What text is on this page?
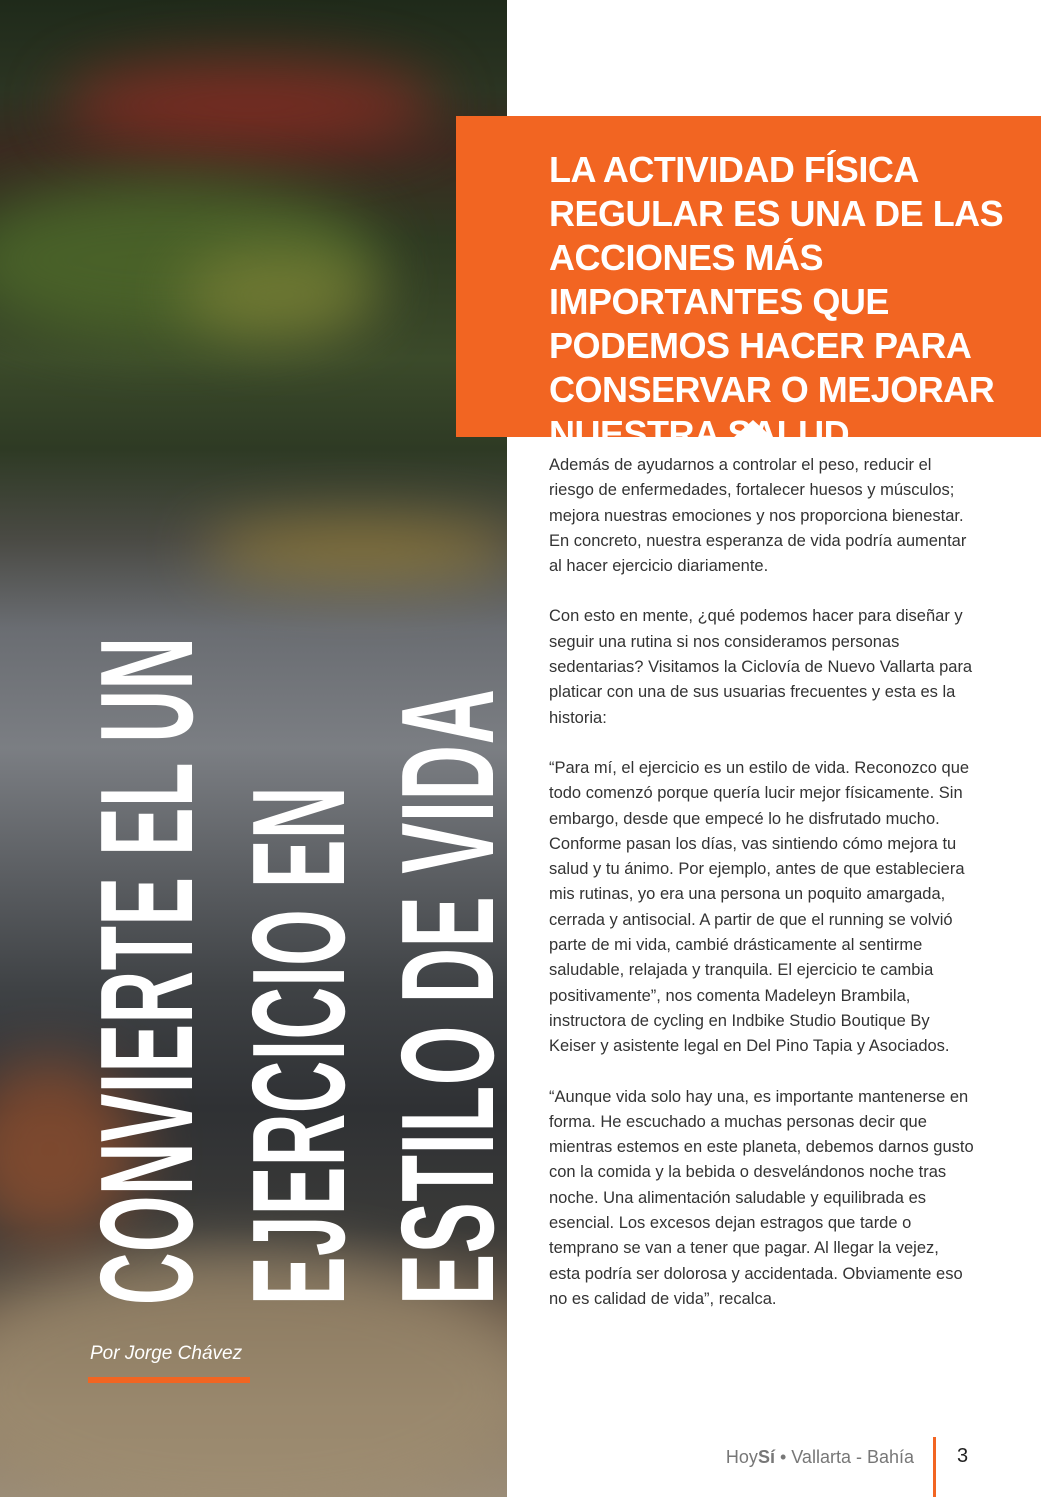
CONVIERTE EL UN EJERCICIO EN ESTILO DE VIDA
Por Jorge Chávez
LA ACTIVIDAD FÍSICA REGULAR ES UNA DE LAS ACCIONES MÁS IMPORTANTES QUE PODEMOS HACER PARA CONSERVAR O MEJORAR NUESTRA SALUD.

Además de ayudarnos a controlar el peso, reducir el riesgo de enfermedades, fortalecer huesos y músculos; mejora nuestras emociones y nos proporciona bienestar. En concreto, nuestra esperanza de vida podría aumentar al hacer ejercicio diariamente.

Con esto en mente, ¿qué podemos hacer para diseñar y seguir una rutina si nos consideramos personas sedentarias? Visitamos la Ciclovía de Nuevo Vallarta para platicar con una de sus usuarias frecuentes y esta es la historia:

“Para mí, el ejercicio es un estilo de vida. Reconozco que todo comenzó porque quería lucir mejor físicamente. Sin embargo, desde que empecé lo he disfrutado mucho. Conforme pasan los días, vas sintiendo cómo mejora tu salud y tu ánimo. Por ejemplo, antes de que estableciera mis rutinas, yo era una persona un poquito amargada, cerrada y antisocial. A partir de que el running se volvió parte de mi vida, cambié drásticamente al sentirme saludable, relajada y tranquila. El ejercicio te cambia positivamente”, nos comenta Madeleyn Brambila, instructora de cycling en Indbike Studio Boutique By Keiser y asistente legal en Del Pino Tapia y Asociados.

“Aunque vida solo hay una, es importante mantenerse en forma. He escuchado a muchas personas decir que mientras estemos en este planeta, debemos darnos gusto con la comida y la bebida o desvelándonos noche tras noche. Una alimentación saludable y equilibrada es esencial. Los excesos dejan estragos que tarde o temprano se van a tener que pagar. Al llegar la vejez, esta podría ser dolorosa y accidentada. Obviamente eso no es calidad de vida”, recalca.

HoySí • Vallarta - Bahía 3
